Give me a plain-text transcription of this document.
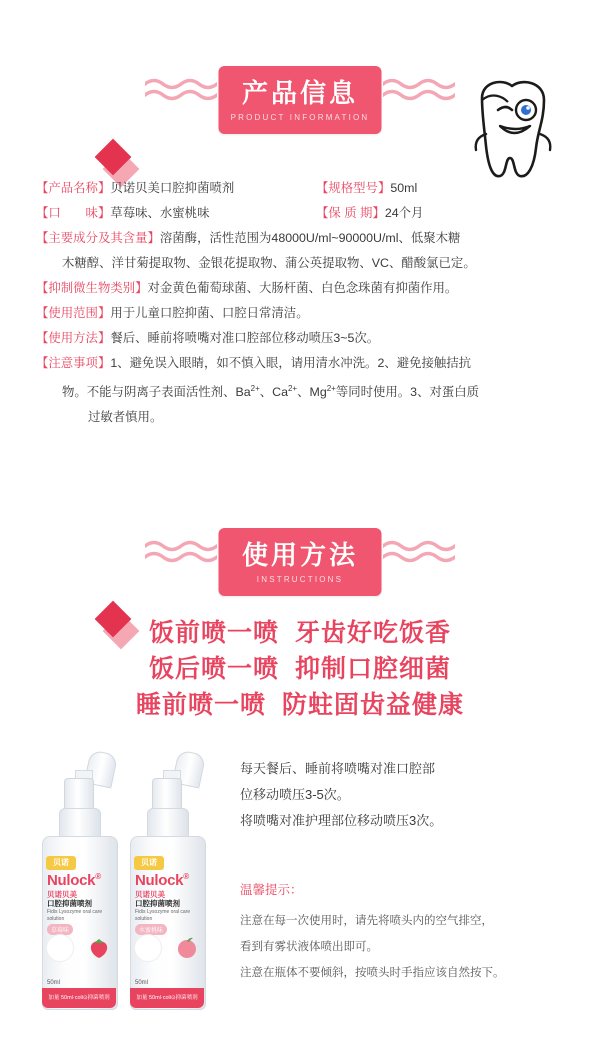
产品信息
PRODUCT INFORMATION
【产品名称】贝诺贝美口腔抑菌喷剂	【规格型号】50ml
【口　　味】草莓味、水蜜桃味	【保 质 期】24个月
【主要成分及其含量】溶菌酶，活性范围为48000U/ml~90000U/ml、低聚木糖
木糖醇、洋甘菊提取物、金银花提取物、蒲公英提取物、VC、醋酸氯已定。
【抑制微生物类别】对金黄色葡萄球菌、大肠杆菌、白色念珠菌有抑菌作用。
【使用范围】用于儿童口腔抑菌、口腔日常清洁。
【使用方法】餐后、睡前将喷嘴对准口腔部位移动喷压3~5次。
【注意事项】1、避免误入眼睛，如不慎入眼，请用清水冲洗。2、避免接触拮抗
物。不能与阴离子表面活性剂、$Ba^{2+}$、$Ca^{2+}$、$Mg^{2+}$等同时使用。3、对蛋白质
过敏者慎用。
使用方法
INSTRUCTIONS
饭前喷一喷 牙齿好吃饭香
饭后喷一喷 抑制口腔细菌
睡前喷一喷 防蛀固齿益健康
贝诺
Nulock®
贝诺贝美
口腔抑菌喷剂
Fidis Lysozyme oral care solution
草莓味
50ml
加量 50ml·coli⊙抑菌喷剂
贝诺
Nulock®
贝诺贝美
口腔抑菌喷剂
Fidis Lysozyme oral care solution
水蜜桃味
50ml
加量 50ml·coli⊙抑菌喷剂
每天餐后、睡前将喷嘴对准口腔部
位移动喷压3-5次。
将喷嘴对准护理部位移动喷压3次。
温馨提示：
注意在每一次使用时，请先将喷头内的空气排空，
看到有雾状液体喷出即可。
注意在瓶体不要倾斜，按喷头时手指应该自然按下。
